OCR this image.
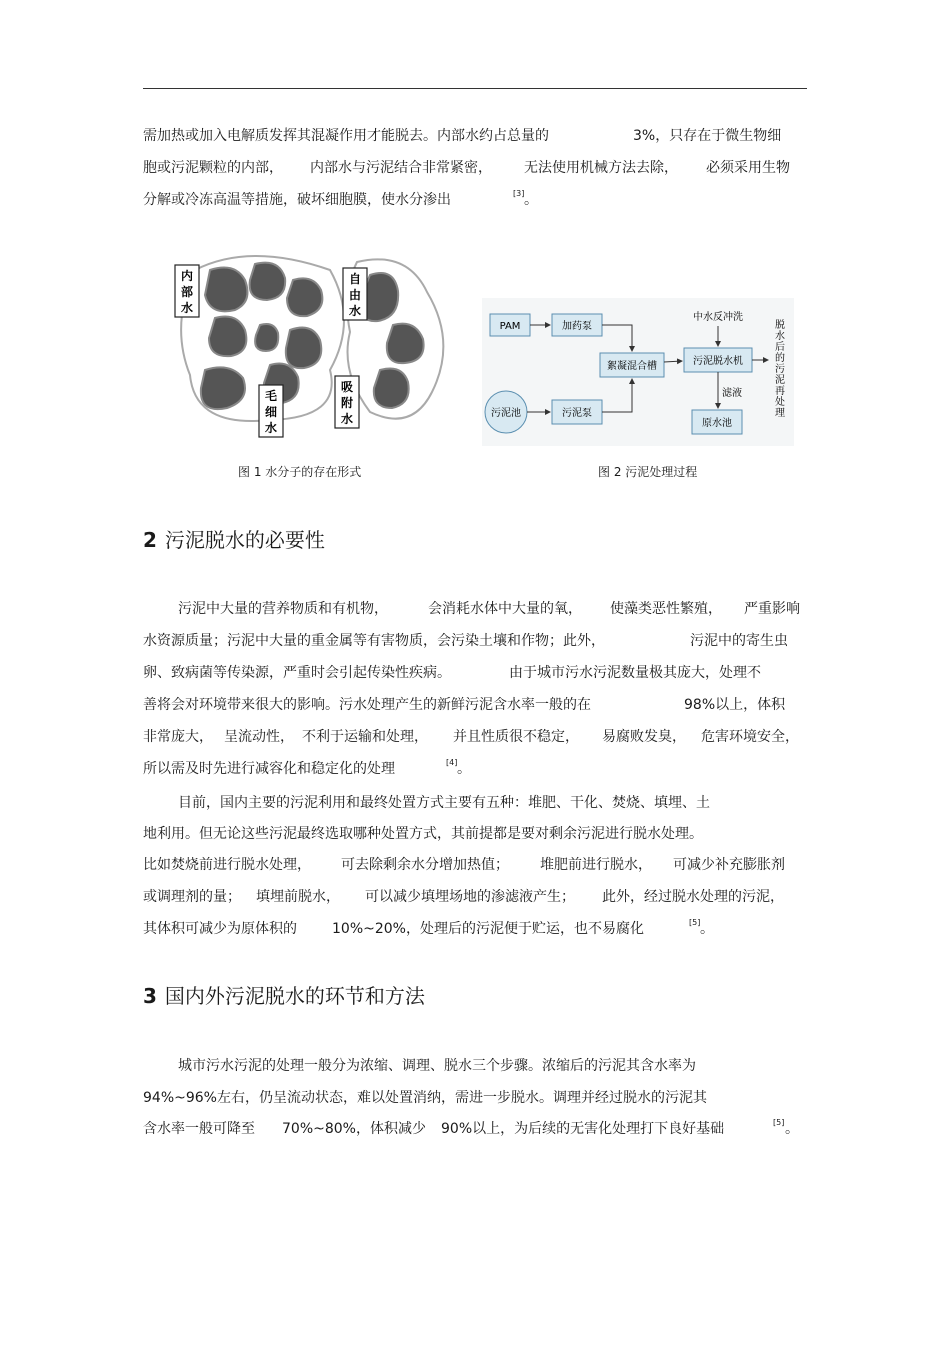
需加热或加入电解质发挥其混凝作用才能脱去。内部水约占总量的	3%，只存在于微生物细
胞或污泥颗粒的内部， 内部水与污泥结合非常紧密， 无法使用机械方法去除， 必须采用生物
分解或冷冻高温等措施，破坏细胞膜，使水分渗出	[3] 。
内
部
水
自
由
水
毛
细
水
吸
附
水
图 1 水分子的存在形式
PAM	加药泵
絮凝混合槽	污泥脱水机
中水反冲洗
污泥池	污泥泵
原水池
滤液
脱
水
后
的
污
泥
再
处
理
图 2 污泥处理过程
2 污泥脱水的必要性
污泥中大量的营养物质和有机物，	会消耗水体中大量的氧， 使藻类恶性繁殖， 严重影响
水资源质量；污泥中大量的重金属等有害物质，会污染土壤和作物；此外，	污泥中的寄生虫
卵、致病菌等传染源，严重时会引起传染性疾病。	由于城市污水污泥数量极其庞大，处理不
善将会对环境带来很大的影响。污水处理产生的新鲜污泥含水率一般的在	98%以上，体积
非常庞大， 呈流动性， 不利于运输和处理， 并且性质很不稳定， 易腐败发臭， 危害环境安全，
所以需及时先进行减容化和稳定化的处理	[4] 。
目前，国内主要的污泥利用和最终处置方式主要有五种：堆肥、干化、焚烧、填埋、土
地利用。但无论这些污泥最终选取哪种处置方式，其前提都是要对剩余污泥进行脱水处理。
比如焚烧前进行脱水处理， 可去除剩余水分增加热值； 堆肥前进行脱水， 可减少补充膨胀剂
或调理剂的量； 填埋前脱水， 可以减少填埋场地的渗滤液产生； 此外，经过脱水处理的污泥，
其体积可减少为原体积的	10%~20%，处理后的污泥便于贮运，也不易腐化	[5] 。
3 国内外污泥脱水的环节和方法
城市污水污泥的处理一般分为浓缩、调理、脱水三个步骤。浓缩后的污泥其含水率为
94%~96%左右，仍呈流动状态，难以处置消纳，需进一步脱水。调理并经过脱水的污泥其
含水率一般可降至 70%~80%，体积减少 90%以上，为后续的无害化处理打下良好基础	[5] 。
